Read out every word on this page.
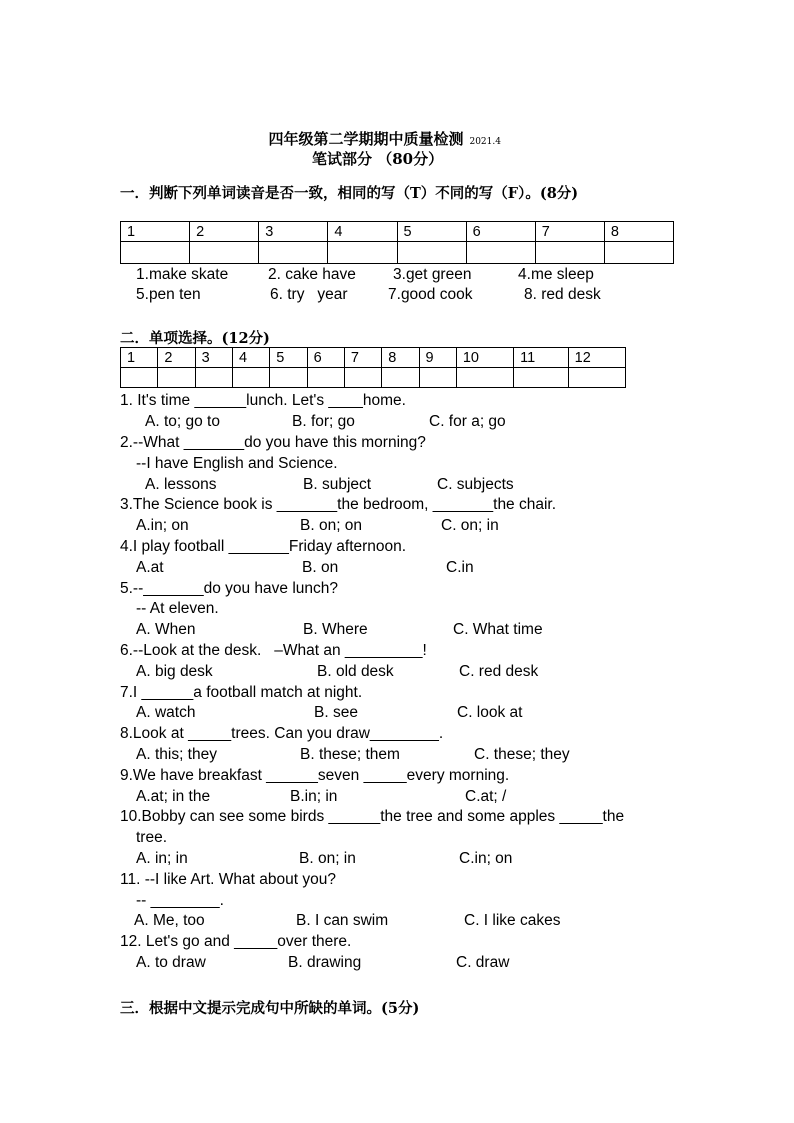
四年级第二学期期中质量检测 2021.4

笔试部分 （80分）
一．判断下列单词读音是否一致，相同的写（T）不同的写（F）。(8分)
1	2	3	4	5	6	7	8

1.make skate	2. cake have 3.get green	4.me sleep
5.pen ten	6. try year	7.good cook	8. red desk
二．单项选择。(12分)
1	2	3	4	5	6	7	8	9	10	11	12

1. It's time ______lunch. Let's ____home.
A. to; go to	B. for; go	C. for a; go
2.--What _______do you have this morning?
--I have English and Science.
A. lessons	B. subject	C. subjects
3.The Science book is _______the bedroom, _______the chair.
A.in; on	B. on; on	C. on; in
4.I play football _______Friday afternoon.
A.at	B. on	C.in
5.--_______do you have lunch?
-- At eleven.
A. When	B. Where	C. What time
6.--Look at the desk.   –What an _________!
A. big desk	B. old desk	C. red desk
7.I ______a football match at night.
A. watch	B. see	C. look at
8.Look at _____trees. Can you draw________.
A. this; they	B. these; them	C. these; they
9.We have breakfast ______seven _____every morning.
A.at; in the	B.in; in	C.at; /
10.Bobby can see some birds ______the tree and some apples _____the
tree.
A. in; in	B. on; in	C.in; on
11. --I like Art. What about you?
-- ________.
A. Me, too	B. I can swim	C. I like cakes
12. Let's go and _____over there.
A. to draw	B. drawing	C. draw
三．根据中文提示完成句中所缺的单词。(5分)
